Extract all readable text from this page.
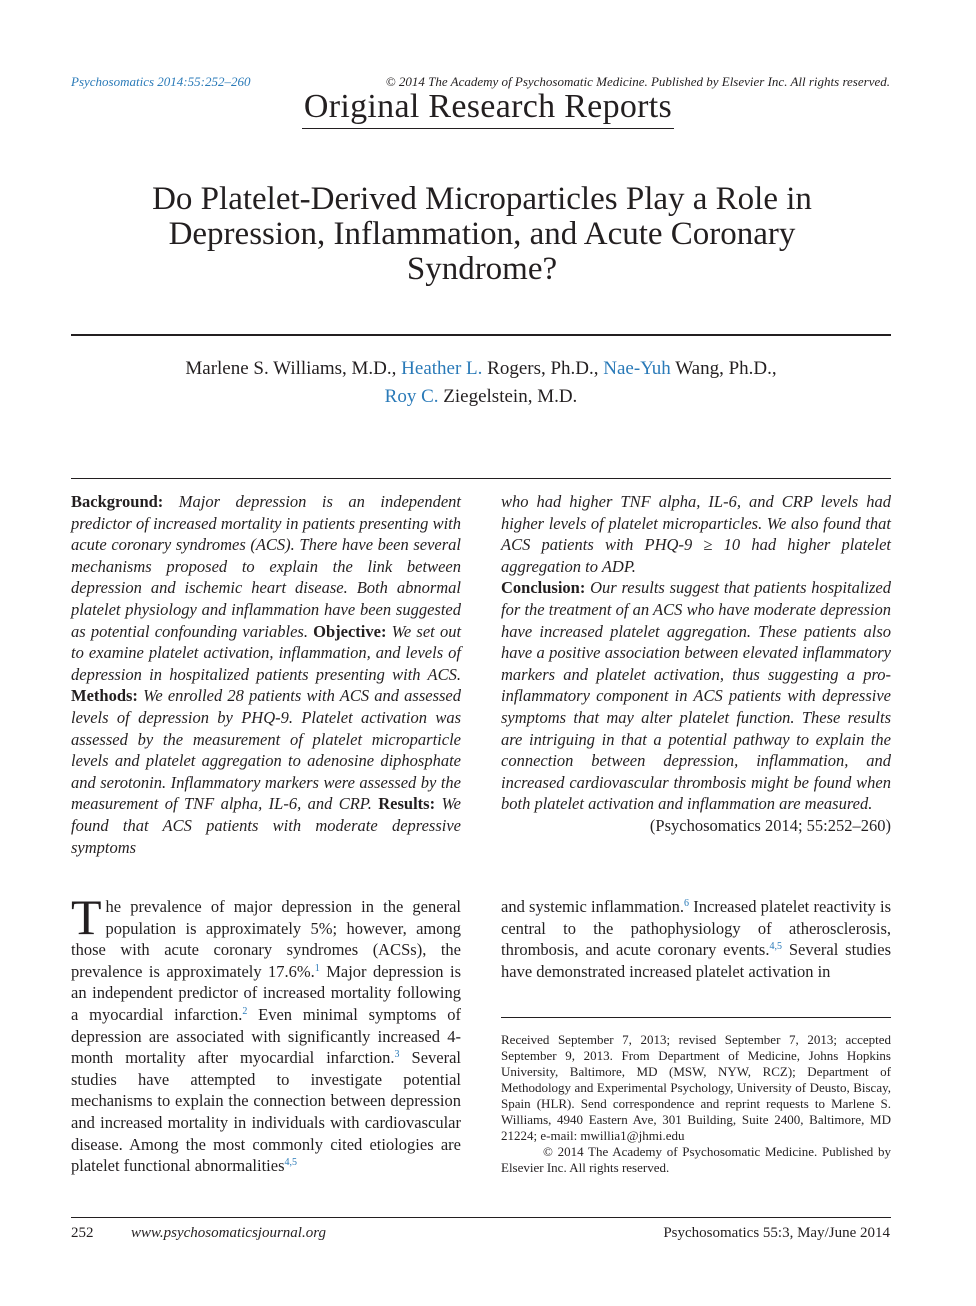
Psychosomatics 2014:55:252–260	© 2014 The Academy of Psychosomatic Medicine. Published by Elsevier Inc. All rights reserved.
Original Research Reports
Do Platelet-Derived Microparticles Play a Role in
Depression, Inflammation, and Acute Coronary
Syndrome?
Marlene S. Williams, M.D., Heather L. Rogers, Ph.D., Nae-Yuh Wang, Ph.D.,
Roy C. Ziegelstein, M.D.
Background: Major depression is an independent predictor of increased mortality in patients presenting with acute coronary syndromes (ACS). There have been several mechanisms proposed to explain the link between depression and ischemic heart disease. Both abnormal platelet physiology and inflammation have been suggested as potential confounding variables. Objective: We set out to examine platelet activation, inflammation, and levels of depression in hospitalized patients presenting with ACS. Methods: We enrolled 28 patients with ACS and assessed levels of depression by PHQ-9. Platelet activation was assessed by the measurement of platelet microparticle levels and platelet aggregation to adenosine diphosphate and serotonin. Inflammatory markers were assessed by the measurement of TNF alpha, IL-6, and CRP. Results: We found that ACS patients with moderate depressive symptoms
who had higher TNF alpha, IL-6, and CRP levels had higher levels of platelet microparticles. We also found that ACS patients with PHQ-9 ≥ 10 had higher platelet aggregation to ADP.
Conclusion: Our results suggest that patients hospitalized for the treatment of an ACS who have moderate depression have increased platelet aggregation. These patients also have a positive association between elevated inflammatory markers and platelet activation, thus suggesting a pro-inflammatory component in ACS patients with depressive symptoms that may alter platelet function. These results are intriguing in that a potential pathway to explain the connection between depression, inflammation, and increased cardiovascular thrombosis might be found when both platelet activation and inflammation are measured.
(Psychosomatics 2014; 55:252–260)
The prevalence of major depression in the general population is approximately 5%; however, among those with acute coronary syndromes (ACSs), the prevalence is approximately 17.6%.$^1$ Major depression is an independent predictor of increased mortality following a myocardial infarction.$^2$ Even minimal symptoms of depression are associated with significantly increased 4-month mortality after myocardial infarction.$^3$ Several studies have attempted to investigate potential mechanisms to explain the connection between depression and increased mortality in individuals with cardiovascular disease. Among the most commonly cited etiologies are platelet functional abnormalities$^{4,5}$
and systemic inflammation.$^6$ Increased platelet reactivity is central to the pathophysiology of atherosclerosis, thrombosis, and acute coronary events.$^{4,5}$ Several studies have demonstrated increased platelet activation in
Received September 7, 2013; revised September 7, 2013; accepted September 9, 2013. From Department of Medicine, Johns Hopkins University, Baltimore, MD (MSW, NYW, RCZ); Department of Methodology and Experimental Psychology, University of Deusto, Biscay, Spain (HLR). Send correspondence and reprint requests to Marlene S. Williams, 4940 Eastern Ave, 301 Building, Suite 2400, Baltimore, MD 21224; e-mail: mwillia1@jhmi.edu
© 2014 The Academy of Psychosomatic Medicine. Published by Elsevier Inc. All rights reserved.
252	www.psychosomaticsjournal.org	Psychosomatics 55:3, May/June 2014
